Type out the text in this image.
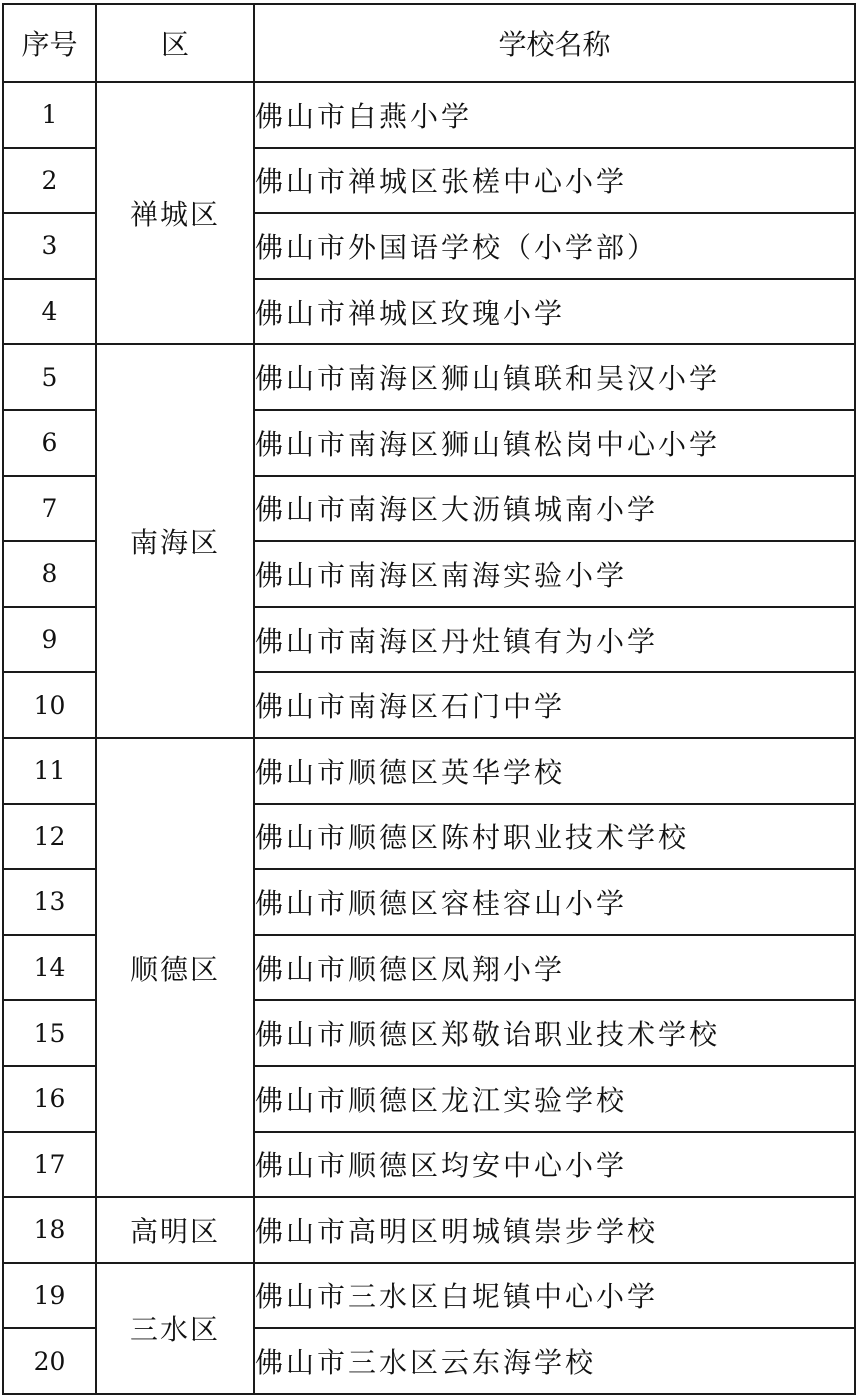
序号	区	学校名称
1	禅城区	佛山市白燕小学
2		佛山市禅城区张槎中心小学
3		佛山市外国语学校（小学部）
4		佛山市禅城区玫瑰小学
5	南海区	佛山市南海区狮山镇联和吴汉小学
6		佛山市南海区狮山镇松岗中心小学
7		佛山市南海区大沥镇城南小学
8		佛山市南海区南海实验小学
9		佛山市南海区丹灶镇有为小学
10		佛山市南海区石门中学
11	顺德区	佛山市顺德区英华学校
12		佛山市顺德区陈村职业技术学校
13		佛山市顺德区容桂容山小学
14		佛山市顺德区凤翔小学
15		佛山市顺德区郑敬诒职业技术学校
16		佛山市顺德区龙江实验学校
17		佛山市顺德区均安中心小学
18	高明区	佛山市高明区明城镇崇步学校
19	三水区	佛山市三水区白坭镇中心小学
20		佛山市三水区云东海学校
